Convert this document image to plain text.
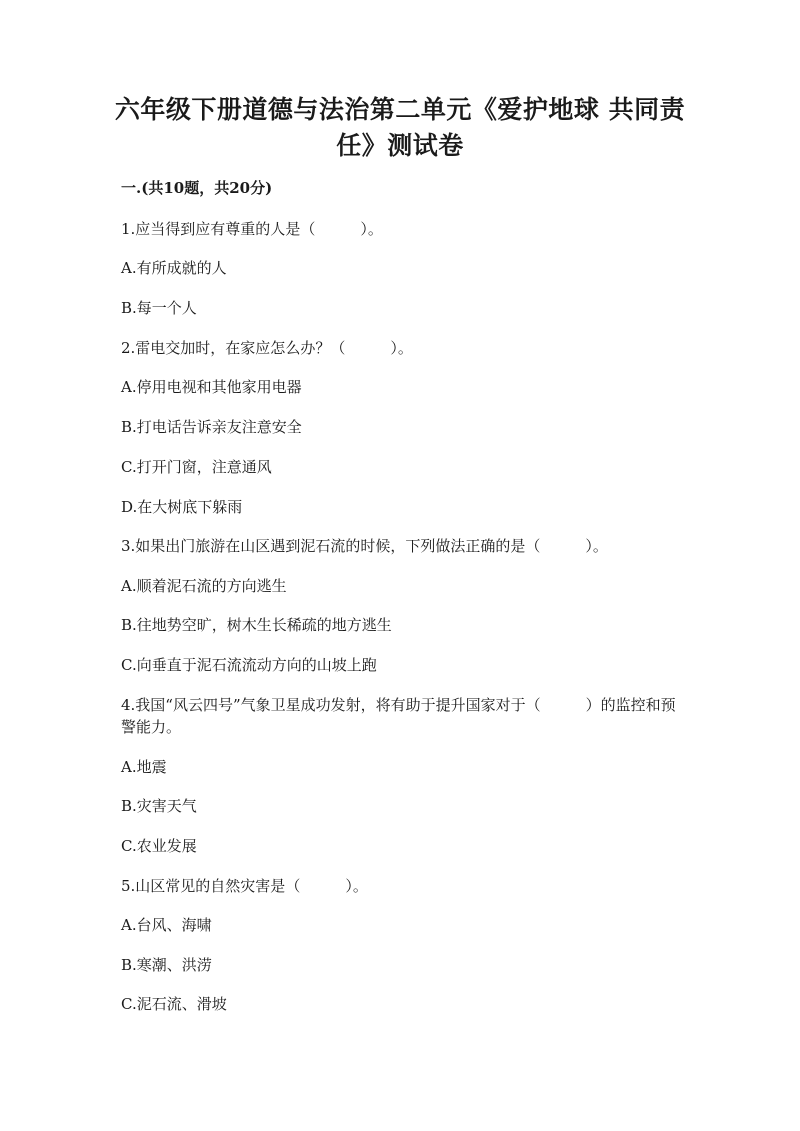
六年级下册道德与法治第二单元《爱护地球 共同责任》测试卷
一.(共10题，共20分)
1.应当得到应有尊重的人是（　　　）。
A.有所成就的人
B.每一个人
2.雷电交加时，在家应怎么办？（　　　）。
A.停用电视和其他家用电器
B.打电话告诉亲友注意安全
C.打开门窗，注意通风
D.在大树底下躲雨
3.如果出门旅游在山区遇到泥石流的时候，下列做法正确的是（　　　）。
A.顺着泥石流的方向逃生
B.往地势空旷，树木生长稀疏的地方逃生
C.向垂直于泥石流流动方向的山坡上跑
4.我国“风云四号”气象卫星成功发射，将有助于提升国家对于（　　　）的监控和预警能力。
A.地震
B.灾害天气
C.农业发展
5.山区常见的自然灾害是（　　　）。
A.台风、海啸
B.寒潮、洪涝
C.泥石流、滑坡
